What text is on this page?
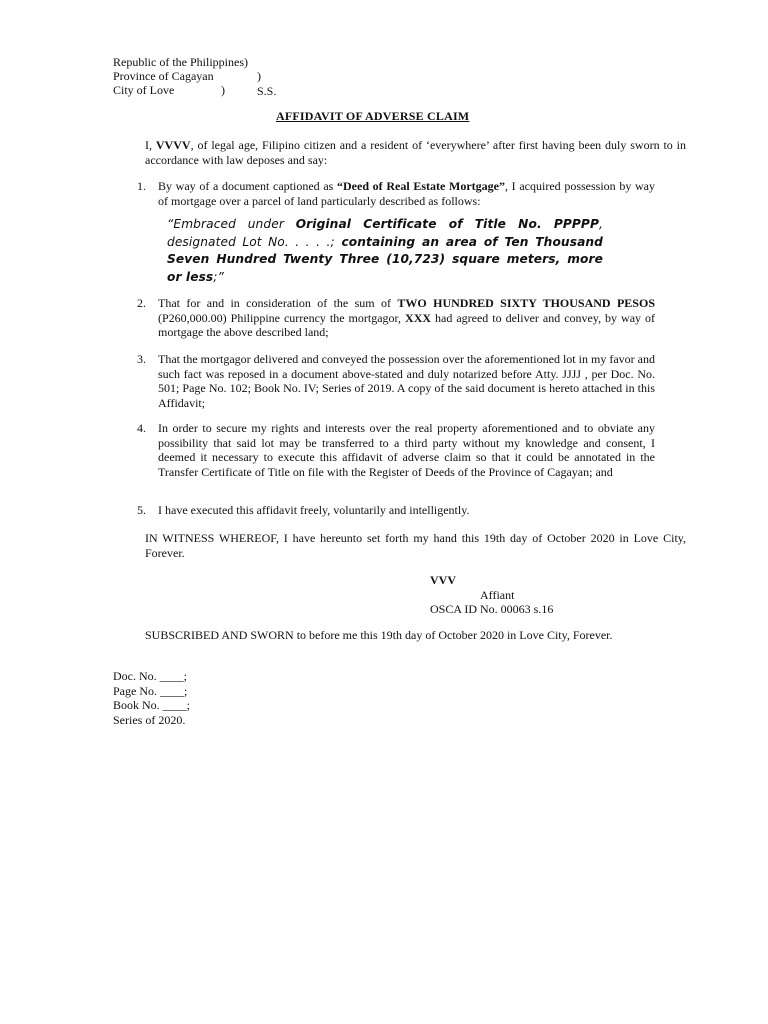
Republic of the Philippines)
Province of Cagayan	) S.S.
City of Love	)
AFFIDAVIT OF ADVERSE CLAIM
I, VVVV, of legal age, Filipino citizen and a resident of ‘everywhere’ after first having been duly sworn to in accordance with law deposes and say:
1. By way of a document captioned as “Deed of Real Estate Mortgage”, I acquired possession by way of mortgage over a parcel of land particularly described as follows:
“Embraced under Original Certificate of Title No. PPPPP, designated Lot No. . . . .; containing an area of Ten Thousand Seven Hundred Twenty Three (10,723) square meters, more or less;”
2. That for and in consideration of the sum of TWO HUNDRED SIXTY THOUSAND PESOS (P260,000.00) Philippine currency the mortgagor, XXX had agreed to deliver and convey, by way of mortgage the above described land;
3. That the mortgagor delivered and conveyed the possession over the aforementioned lot in my favor and such fact was reposed in a document above-stated and duly notarized before Atty. JJJJ , per Doc. No. 501; Page No. 102; Book No. IV; Series of 2019. A copy of the said document is hereto attached in this Affidavit;
4. In order to secure my rights and interests over the real property aforementioned and to obviate any possibility that said lot may be transferred to a third party without my knowledge and consent, I deemed it necessary to execute this affidavit of adverse claim so that it could be annotated in the Transfer Certificate of Title on file with the Register of Deeds of the Province of Cagayan; and
5. I have executed this affidavit freely, voluntarily and intelligently.
IN WITNESS WHEREOF, I have hereunto set forth my hand this 19th day of October 2020 in Love City, Forever.
VVV
Affiant
OSCA ID No. 00063 s.16
SUBSCRIBED AND SWORN to before me this 19th day of October 2020 in Love City, Forever.
Doc. No. ____;
Page No. ____;
Book No. ____;
Series of 2020.
